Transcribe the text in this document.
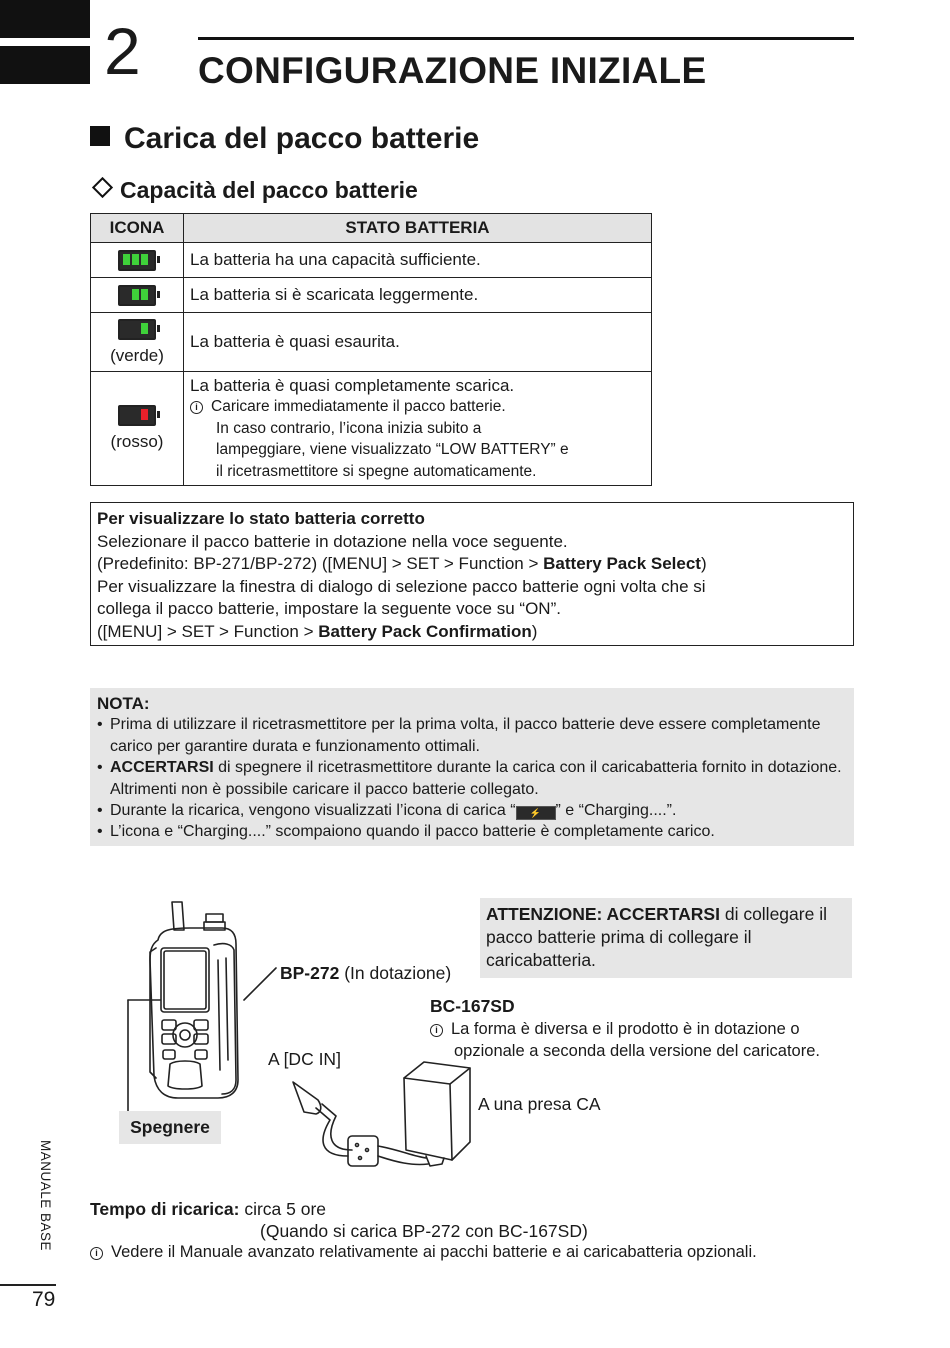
2 CONFIGURAZIONE INIZIALE
Carica del pacco batterie
Capacità del pacco batterie
ICONA	STATO BATTERIA

	La batteria ha una capacità sufficiente.

	La batteria si è scaricata leggermente.

(verde)	La batteria è quasi esaurita.

(rosso)	La batteria è quasi completamente scarica.
i Caricare immediatamente il pacco batterie.
In caso contrario, l’icona inizia subito a
lampeggiare, viene visualizzato “LOW BATTERY” e
il ricetrasmettitore si spegne automaticamente.
Per visualizzare lo stato batteria corretto
Selezionare il pacco batterie in dotazione nella voce seguente.
(Predefinito: BP-271/BP-272) ([MENU] > SET > Function > Battery Pack Select)
Per visualizzare la finestra di dialogo di selezione pacco batterie ogni volta che si
collega il pacco batterie, impostare la seguente voce su “ON”.
([MENU] > SET > Function > Battery Pack Confirmation)
NOTA:
• Prima di utilizzare il ricetrasmettitore per la prima volta, il pacco batterie deve essere completamente carico per garantire durata e funzionamento ottimali.
• ACCERTARSI di spegnere il ricetrasmettitore durante la carica con il caricabatteria fornito in dotazione. Altrimenti non è possibile caricare il pacco batterie collegato.
• Durante la ricarica, vengono visualizzati l’icona di carica “ ⚡ ” e “Charging....”.
• L’icona e “Charging....” scompaiono quando il pacco batterie è completamente carico.
ATTENZIONE: ACCERTARSI di collegare il pacco batterie prima di collegare il caricabatteria.
BP-272 (In dotazione)
BC-167SD
i La forma è diversa e il prodotto è in dotazione o opzionale a seconda della versione del caricatore.
A [DC IN]
A una presa CA
Spegnere
Tempo di ricarica: circa 5 ore
(Quando si carica BP-272 con BC-167SD)
i Vedere il Manuale avanzato relativamente ai pacchi batterie e ai caricabatteria opzionali.
MANUALE BASE
79
